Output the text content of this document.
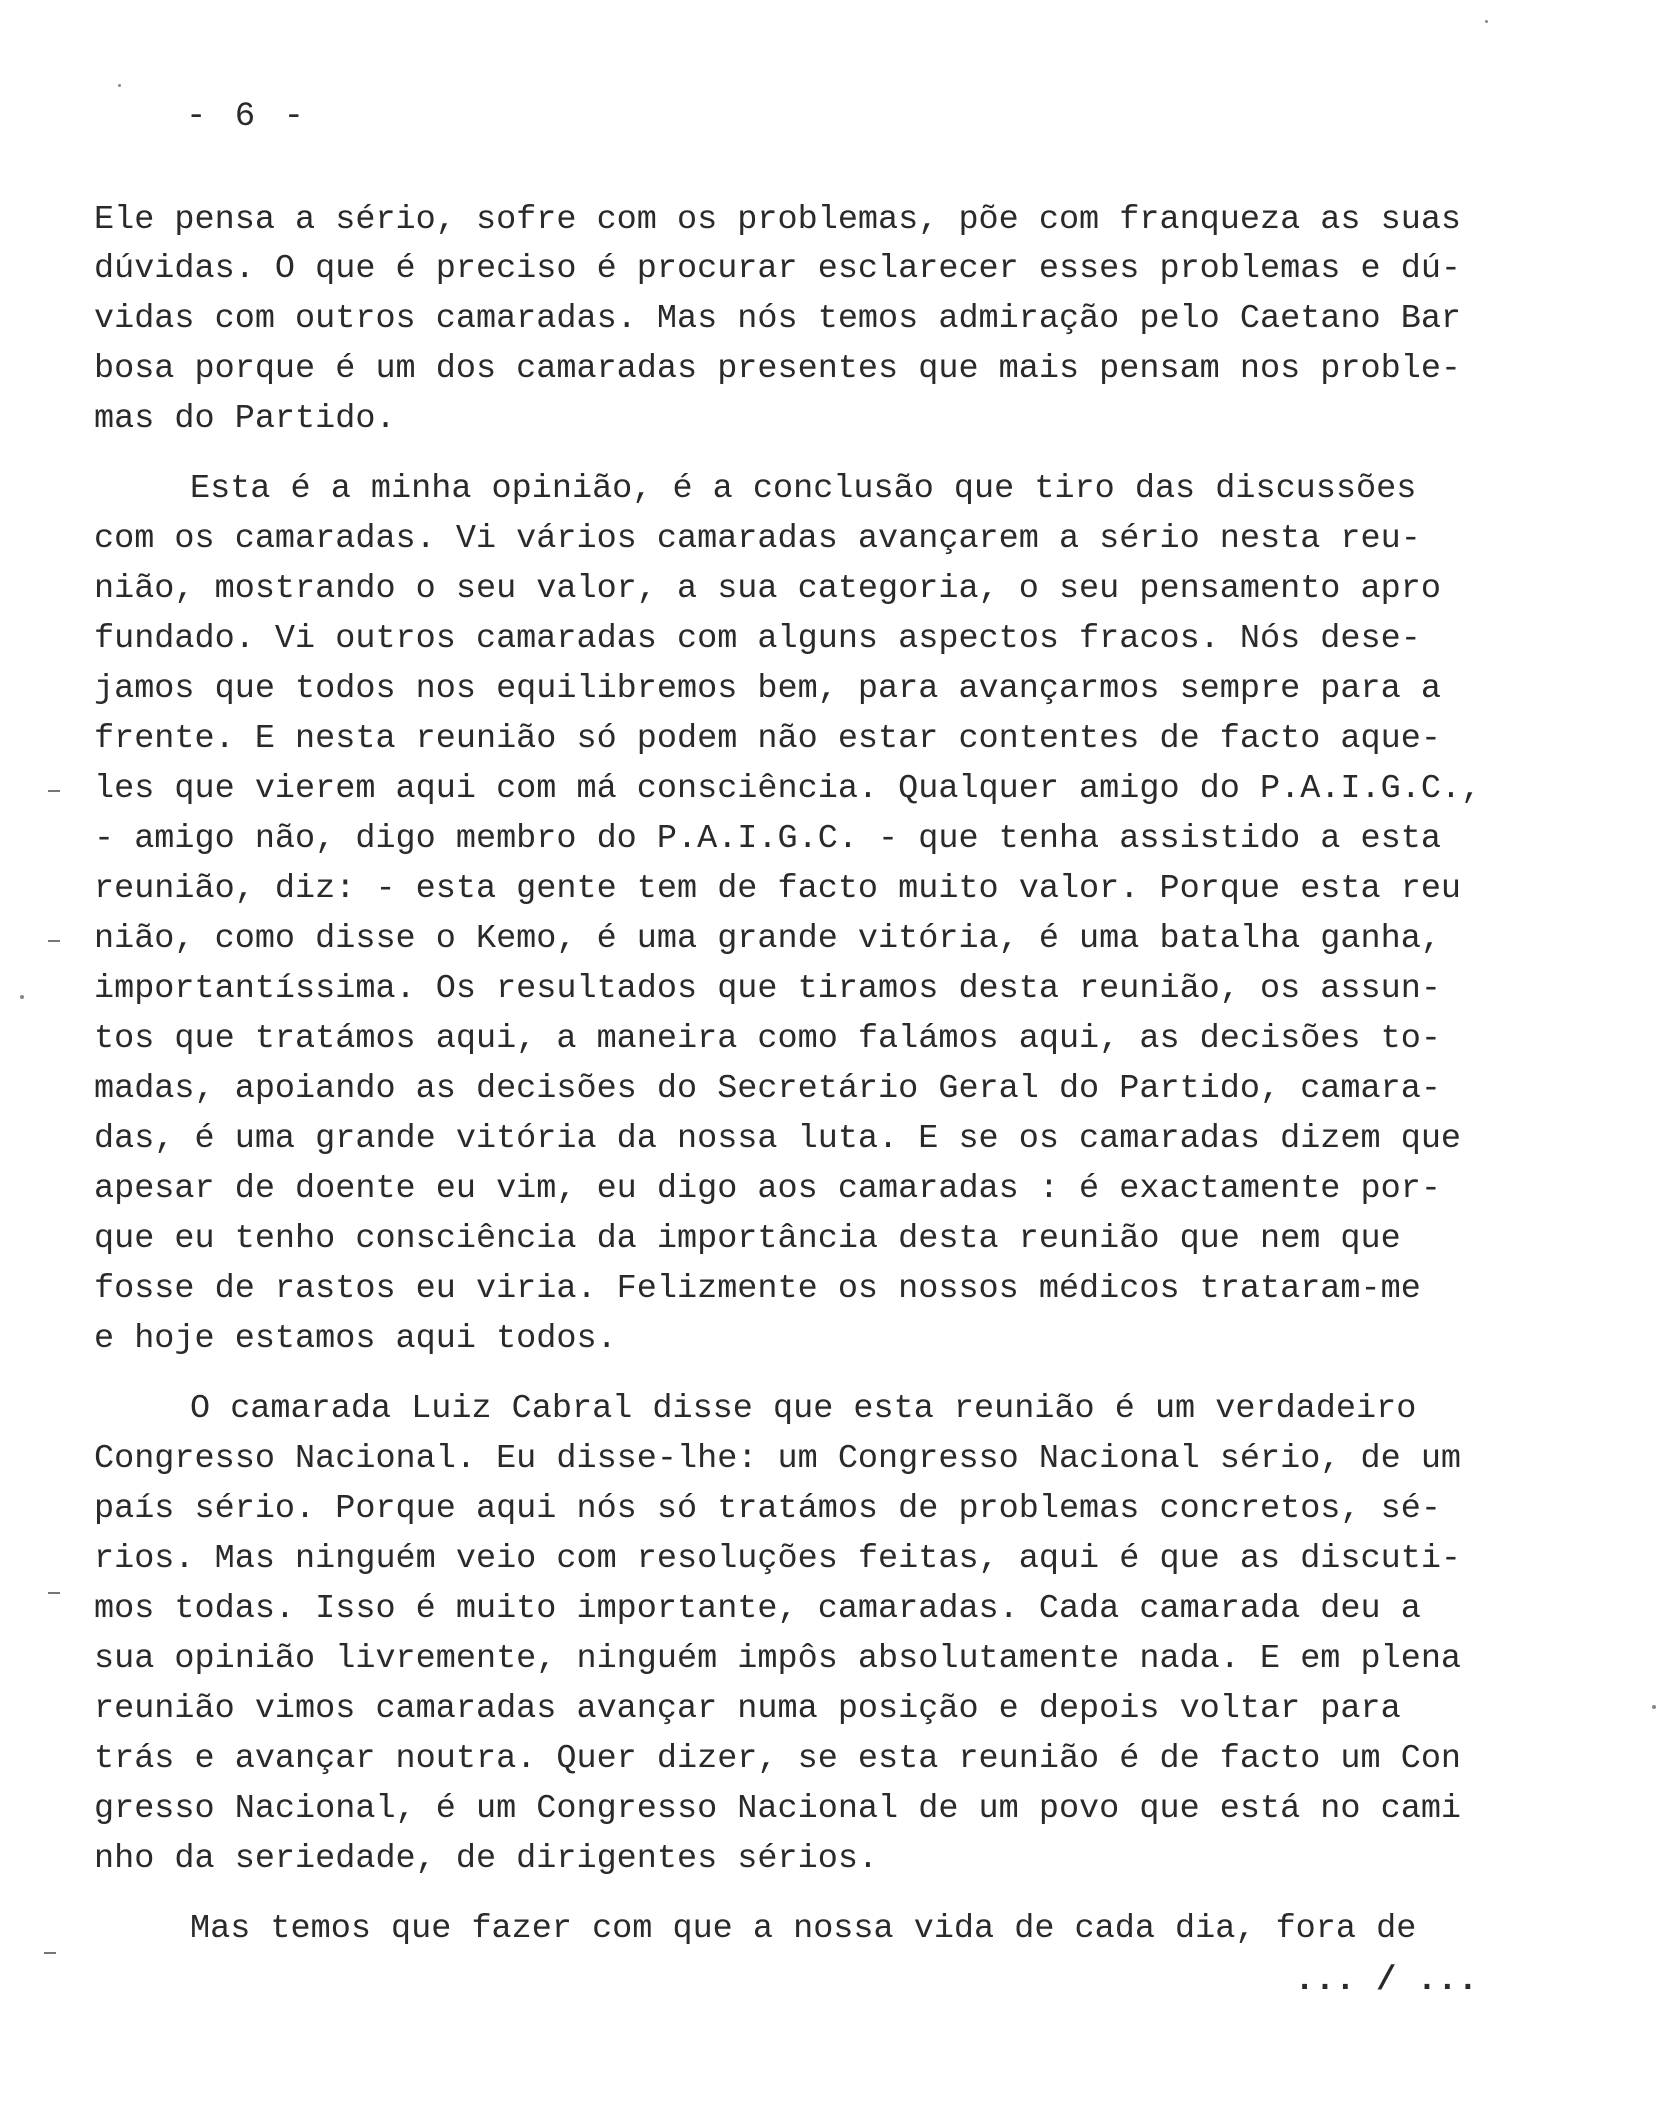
- 6 -

Ele pensa a sério, sofre com os problemas, põe com franqueza as suas

dúvidas. O que é preciso é procurar esclarecer esses problemas e dú-

vidas com outros camaradas. Mas nós temos admiração pelo Caetano Bar

bosa porque é um dos camaradas presentes que mais pensam nos proble-

mas do Partido.

Esta é a minha opinião, é a conclusão que tiro das discussões

com os camaradas. Vi vários camaradas avançarem a sério nesta reu-

nião, mostrando o seu valor, a sua categoria, o seu pensamento apro

fundado. Vi outros camaradas com alguns aspectos fracos. Nós dese-

jamos que todos nos equilibremos bem, para avançarmos sempre para a

frente. E nesta reunião só podem não estar contentes de facto aque-

les que vierem aqui com má consciência. Qualquer amigo do P.A.I.G.C.,

- amigo não, digo membro do P.A.I.G.C. - que tenha assistido a esta

reunião, diz: - esta gente tem de facto muito valor. Porque esta reu

nião, como disse o Kemo, é uma grande vitória, é uma batalha ganha,

importantíssima. Os resultados que tiramos desta reunião, os assun-

tos que tratámos aqui, a maneira como falámos aqui, as decisões to-

madas, apoiando as decisões do Secretário Geral do Partido, camara-

das, é uma grande vitória da nossa luta. E se os camaradas dizem que

apesar de doente eu vim, eu digo aos camaradas : é exactamente por-

que eu tenho consciência da importância desta reunião que nem que

fosse de rastos eu viria. Felizmente os nossos médicos trataram-me

e hoje estamos aqui todos.

O camarada Luiz Cabral disse que esta reunião é um verdadeiro

Congresso Nacional. Eu disse-lhe: um Congresso Nacional sério, de um

país sério. Porque aqui nós só tratámos de problemas concretos, sé-

rios. Mas ninguém veio com resoluções feitas, aqui é que as discuti-

mos todas. Isso é muito importante, camaradas. Cada camarada deu a

sua opinião livremente, ninguém impôs absolutamente nada. E em plena

reunião vimos camaradas avançar numa posição e depois voltar para

trás e avançar noutra. Quer dizer, se esta reunião é de facto um Con

gresso Nacional, é um Congresso Nacional de um povo que está no cami

nho da seriedade, de dirigentes sérios.

Mas temos que fazer com que a nossa vida de cada dia, fora de

... / ...
